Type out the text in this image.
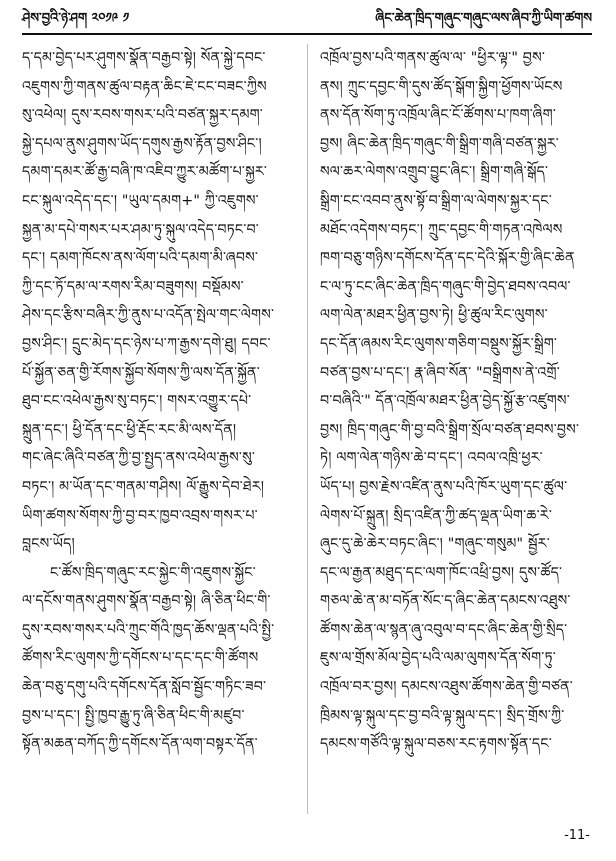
ཤེས་བྱའི་ཉེ་ཤག ༢༠༡༩ ༡	ཞིང་ཆེན་ཁྲིད་གཞུང་གཞུང་ལས་ཞིབ་ཀྱི་ཡིག་ཚགས
ད་དམ་བྱེད་པར་ཤུགས་སྣོན་བརྒྱབ་སྟེ། སོན་སྐྱེ་དབང་
འཇུགས་ཀྱི་གནས་ཚུལ་བརྟན་ཆིང་ཇེ་ངང་བཟང་ཀྱིས
སུ་འཕེལ། དུས་རབས་གསར་པའི་བཙན་སྐྱར་དམག་
སྐྱེ་དཔལ་ནུས་ཤུགས་ཡོད་དགུས་རྒྱས་རྟོན་བྱས་ཤིང་།
དམག་དམར་ཚོ་རྒྱ་བཞི་ཁ་འཇིབ་ཀྱུར་མཚོག་པ་སྐྱར་
ངང་སྐུལ་འདེད་དང་། "ཡུལ་དམག+" ཀྱི་འཇུགས་
སྐྱན་མ་དཔེ་གསར་པར་ཤམ་ཏུ་སྐུལ་འདེད་བཏང་བ་
དང་། དམག་ཁོངས་ནས་ལོག་པའི་དམག་མི་ཞབས་
ཀྱི་དང་ཏོ་དམ་ལ་རགས་རིམ་བཟུགས། བསྡོམས་
ཤེས་དང་རྩིས་བཞིར་ཀྱི་ནུས་པ་འདོན་སྤེལ་གང་ལེགས་
བྱས་ཤིང་། དྲུང་མེད་དང་ཉེས་པ་ཀ་རྒྱས་དགེ་ཐུ། དབང་
པོ་སྐྱོན་ཅན་གྱི་རོགས་སྐྱོབ་སོགས་ཀྱི་ལས་དོན་སྐྱོན་
ཐུབ་ངང་འཕེལ་རྒྱས་སུ་བཏང་། གསར་འགྱུར་དཔེ་
སྐྲུན་དང་། ཕྱི་དོན་དང་ཕྱི་རྡོང་རང་མི་ལས་དོན།
གང་ཞེང་ཞིའི་བཙན་ཀྱི་བྱ་སྤྱད་ནས་འཕེལ་རྒྱས་སུ་
བཏང་། མ་ཡོན་དང་གནམ་གཤིས། ལོ་རྒྱུས་དེབ་ཐེར།
ཡིག་ཚགས་སོགས་ཀྱི་བྱ་བར་ཁྱབ་འབྲས་གསར་པ་
བླངས་ཡོད།
ང་ཚོས་ཁྲིད་གཞུང་རང་སྐྱེང་གི་འཇུགས་སྐྱོང་
ལ་དངོས་གནས་ཤུགས་སྣོན་བརྒྱབ་སྟེ། ཞི་ཅིན་ཕིང་གི་
དུས་རབས་གསར་པའི་ཀྲུང་གོའི་ཁྱད་ཆོས་ལྡན་པའི་སྤྱི་
ཚོགས་རིང་ལུགས་ཀྱི་དགོངས་པ་དང་དང་གི་ཚོགས
ཆེན་བཅུ་དགུ་པའི་དགོངས་དོན་སློབ་སྦྱོང་གཏིང་ཟབ་
བྱས་པ་དང་། སྤྱི་ཁྱབ་རྒྱུ་ཏུ་ཞི་ཅིན་ཕིང་གི་མཛུབ་
སྟོན་མཆན་བཀོད་ཀྱི་དགོངས་དོན་ལག་བསྟར་དོན་
འཁྲོལ་བྱས་པའི་གནས་ཚུལ་ལ་ "ཕྱིར་ལྟ་" བྱས་
ནས། ཀྲུང་དབྱང་གི་དུས་ཚོད་སྒོག་སྐྱིག་ཕྱོགས་ཡོངས
ནས་དོན་སོག་ཏུ་འཁྲོལ་ཞིང་ངོ་ཚོགས་པ་ཁག་ཞིག་
བྱས། ཞིང་ཆེན་ཁྲིད་གཞུང་གི་སྒྲིག་གཞི་བཙན་སྐྱར་
སལ་ཆར་ལེགས་འགྲུབ་བྱུང་ཞིང་། སྒྲིག་གཞི་སྒོད་
སྒྲིག་ངང་འབབ་ནུས་སྟོ་བ་སྒྲིག་ལ་ལེགས་སྐྱར་དང་
མཐོང་འདེགས་བཏང་། ཀྲུང་དབྱང་གི་གཏན་འཁེལས
ཁག་བཅུ་གཉིས་དགོངས་དོན་དང་དེའི་སྐོར་གྱི་ཞིང་ཆེན
ང་ལ་ཏུ་ངང་ཞིང་ཆེན་ཁྲིད་གཞུང་གི་བྱེད་ཐབས་འབལ་
ལག་ལེན་མཐར་ཕྱིན་བྱས་ཏེ། ཕྱི་ཚུལ་རིང་ལུགས་
དང་དོན་ཞམས་རིང་ལུགས་གཅིག་བསྡུས་སྐྱོར་སྒྲིག་
བཙན་བྱས་པ་དང་། རྣ་ཞིབ་སོན་ "བསྒྲིགས་ནེ་འགྲོ་
བ་བཞིའི་" དོན་འཁྲོལ་མཐར་ཕྱིན་བྱེད་སྐྱོ་རྩ་འཛུགས་
བྱས། ཁྲིད་གཞུང་གི་བྱ་བའི་སྒྲིག་སྲོལ་བཙན་ཐབས་བྱས་
ཏེ། ལག་ལེན་གཉིས་ཆེ་བ་དང་། འབལ་འཁྲི་ཕྱར་
ཡོད་པ། བྱས་རྗེས་འཛིན་ནུས་པའི་ཁོར་ཡུག་དང་ཚུལ་
ལེགས་པོ་སྐྲུན། སྲིད་འཛིན་ཀྱི་ཚད་ལྡན་ཡིག་ཆ་རེ་
ཞུང་དུ་ཆེ་ཆེར་བཏང་ཞིང་། "གཞུང་གསུམ" སྦྱོར་
དང་ལ་རྒྱན་མཐུད་དང་ལག་ཁོང་འཕྲི་བྱས། དུས་ཚོད་
གཅལ་ཆེ་ན་མ་བཏོན་སོང་ད་ཞིང་ཆེན་དམངས་འཐུས་
ཚོགས་ཆེན་ལ་སྙན་ཞུ་འབུལ་བ་དང་ཞིང་ཆེན་གྱི་སྲིད་
ཇུས་ལ་གྲོས་མོལ་བྱེད་པའི་ལམ་ལུགས་དོན་སོག་ཏུ་
འཁྲོལ་བར་བྱས། དམངས་འཐུས་ཚོགས་ཆེན་གྱི་བཙན་
ཁྲིམས་ལྟ་སྐུལ་དང་བྱ་བའི་ལྟ་སྐུལ་དང་། སྲིད་གྲོས་ཀྱི་
དམངས་གཙོའི་ལྟ་སྐུལ་བཅས་རང་རྟགས་སྟོན་དང་
-11-
